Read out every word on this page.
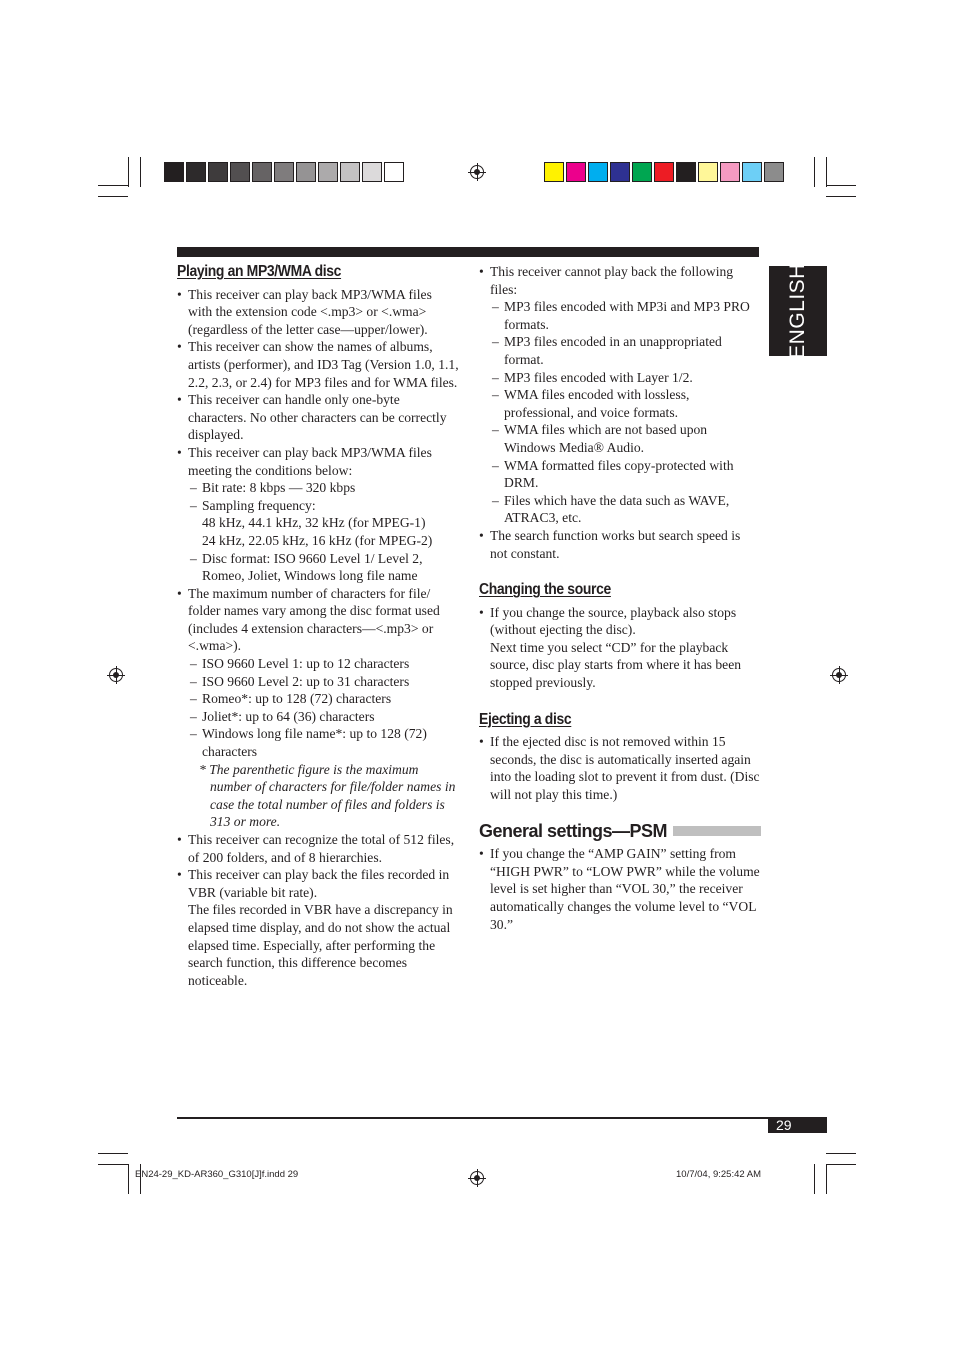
ENGLISH
Playing an MP3/WMA disc
• This receiver can play back MP3/WMA files with the extension code <.mp3> or <.wma> (regardless of the letter case—upper/lower).
• This receiver can show the names of albums, artists (performer), and ID3 Tag (Version 1.0, 1.1, 2.2, 2.3, or 2.4) for MP3 files and for WMA files.
• This receiver can handle only one-byte characters. No other characters can be correctly displayed.
• This receiver can play back MP3/WMA files meeting the conditions below:
– Bit rate: 8 kbps — 320 kbps
– Sampling frequency:
48 kHz, 44.1 kHz, 32 kHz (for MPEG-1)
24 kHz, 22.05 kHz, 16 kHz (for MPEG-2)
– Disc format: ISO 9660 Level 1/ Level 2, Romeo, Joliet, Windows long file name
• The maximum number of characters for file/ folder names vary among the disc format used (includes 4 extension characters—<.mp3> or <.wma>).
– ISO 9660 Level 1: up to 12 characters
– ISO 9660 Level 2: up to 31 characters
– Romeo*: up to 128 (72) characters
– Joliet*: up to 64 (36) characters
– Windows long file name*: up to 128 (72) characters
* The parenthetic figure is the maximum number of characters for file/folder names in case the total number of files and folders is 313 or more.
• This receiver can recognize the total of 512 files, of 200 folders, and of 8 hierarchies.
• This receiver can play back the files recorded in VBR (variable bit rate).
The files recorded in VBR have a discrepancy in elapsed time display, and do not show the actual elapsed time. Especially, after performing the search function, this difference becomes noticeable.
• This receiver cannot play back the following files:
– MP3 files encoded with MP3i and MP3 PRO formats.
– MP3 files encoded in an unappropriated format.
– MP3 files encoded with Layer 1/2.
– WMA files encoded with lossless, professional, and voice formats.
– WMA files which are not based upon Windows Media® Audio.
– WMA formatted files copy-protected with DRM.
– Files which have the data such as WAVE, ATRAC3, etc.
• The search function works but search speed is not constant.
Changing the source
• If you change the source, playback also stops (without ejecting the disc).
Next time you select “CD” for the playback source, disc play starts from where it has been stopped previously.
Ejecting a disc
• If the ejected disc is not removed within 15 seconds, the disc is automatically inserted again into the loading slot to prevent it from dust. (Disc will not play this time.)
General settings—PSM
• If you change the “AMP GAIN” setting from “HIGH PWR” to “LOW PWR” while the volume level is set higher than “VOL 30,” the receiver automatically changes the volume level to “VOL 30.”
29
EN24-29_KD-AR360_G310[J]f.indd 29	10/7/04, 9:25:42 AM
